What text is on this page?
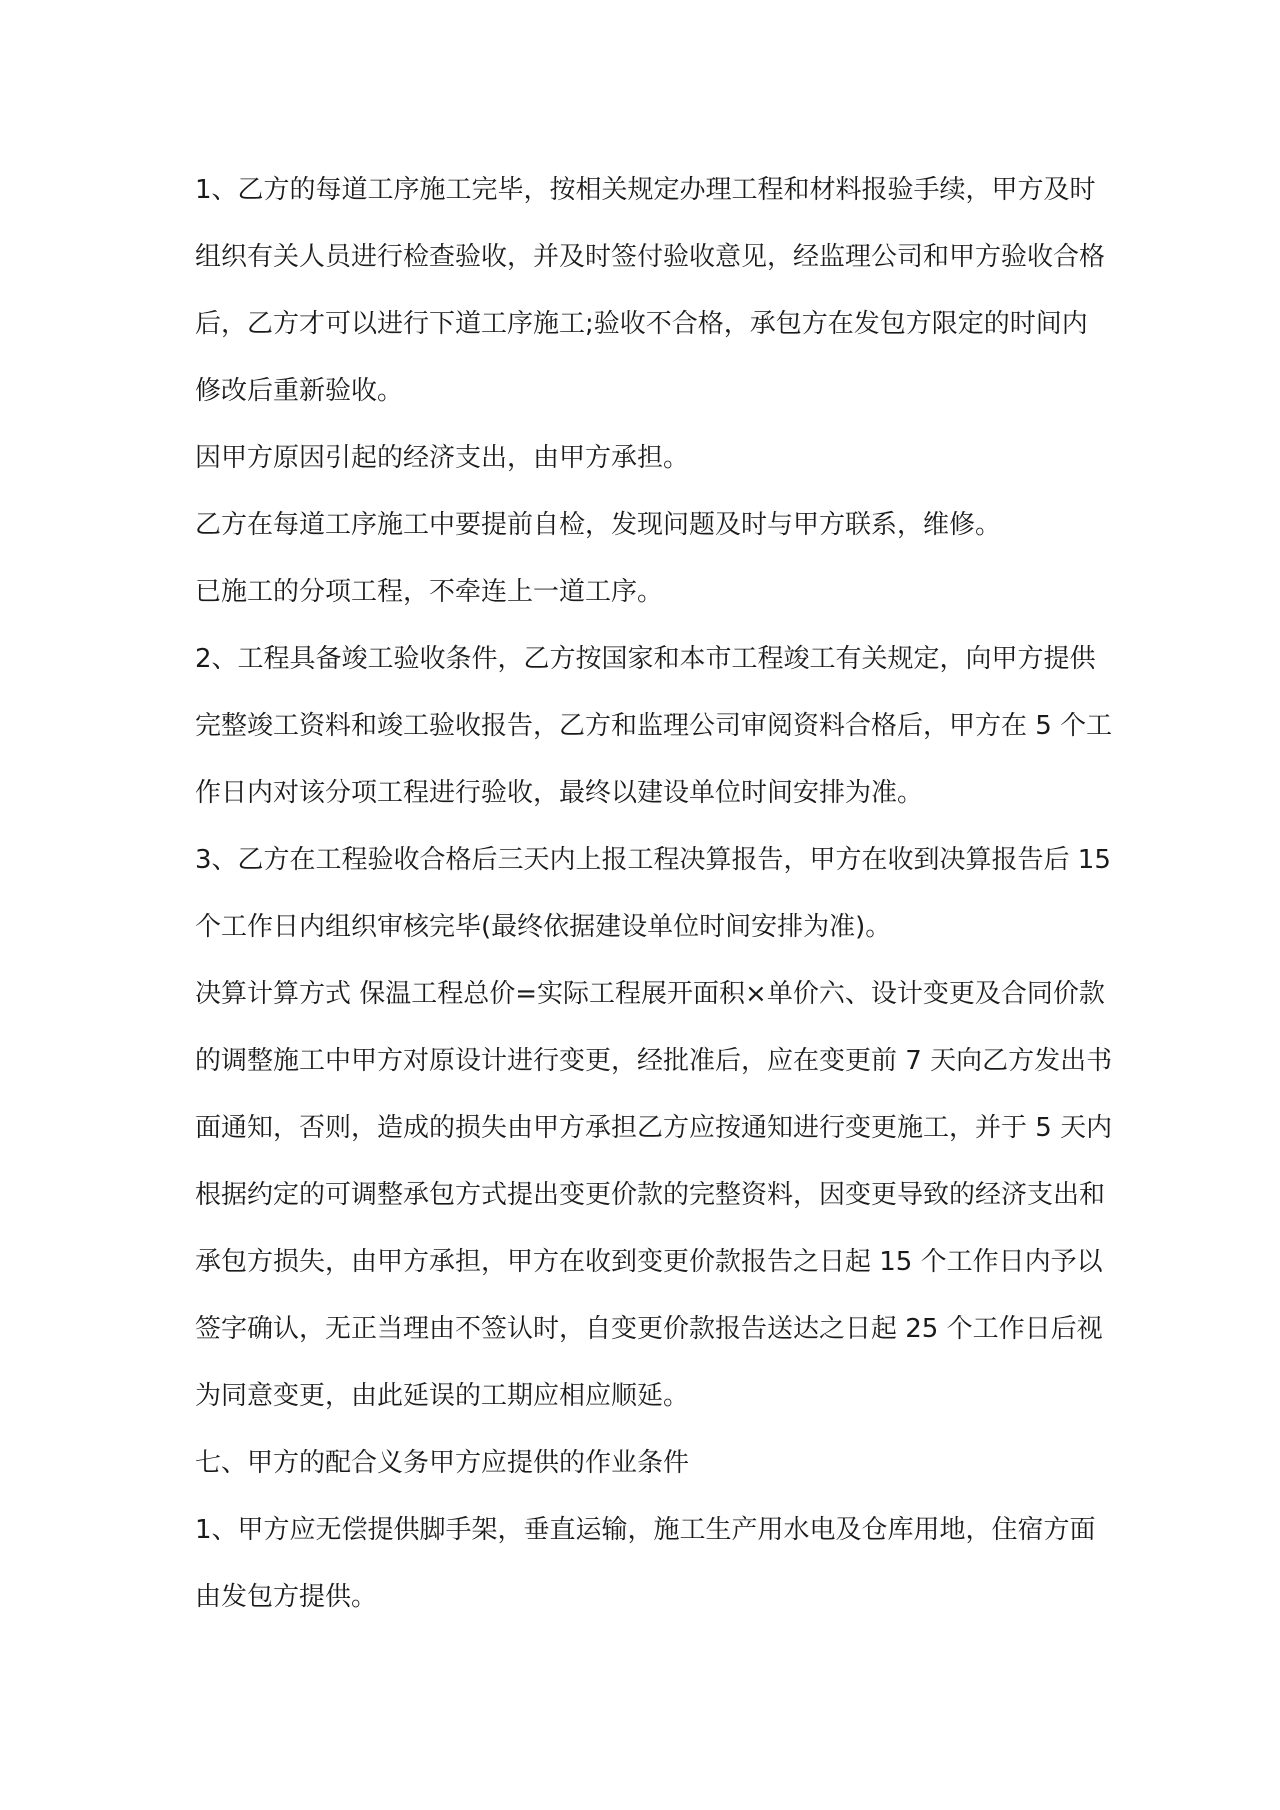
1、乙方的每道工序施工完毕，按相关规定办理工程和材料报验手续，甲方及时
组织有关人员进行检查验收，并及时签付验收意见，经监理公司和甲方验收合格
后，乙方才可以进行下道工序施工;验收不合格，承包方在发包方限定的时间内
修改后重新验收。
因甲方原因引起的经济支出，由甲方承担。
乙方在每道工序施工中要提前自检，发现问题及时与甲方联系，维修。
已施工的分项工程，不牵连上一道工序。
2、工程具备竣工验收条件，乙方按国家和本市工程竣工有关规定，向甲方提供
完整竣工资料和竣工验收报告，乙方和监理公司审阅资料合格后，甲方在 5 个工
作日内对该分项工程进行验收，最终以建设单位时间安排为准。
3、乙方在工程验收合格后三天内上报工程决算报告，甲方在收到决算报告后 15
个工作日内组织审核完毕(最终依据建设单位时间安排为准)。
决算计算方式 保温工程总价=实际工程展开面积×单价六、设计变更及合同价款
的调整施工中甲方对原设计进行变更，经批准后，应在变更前 7 天向乙方发出书
面通知，否则，造成的损失由甲方承担乙方应按通知进行变更施工，并于 5 天内
根据约定的可调整承包方式提出变更价款的完整资料，因变更导致的经济支出和
承包方损失，由甲方承担，甲方在收到变更价款报告之日起 15 个工作日内予以
签字确认，无正当理由不签认时，自变更价款报告送达之日起 25 个工作日后视
为同意变更，由此延误的工期应相应顺延。
七、甲方的配合义务甲方应提供的作业条件
1、甲方应无偿提供脚手架，垂直运输，施工生产用水电及仓库用地，住宿方面
由发包方提供。
